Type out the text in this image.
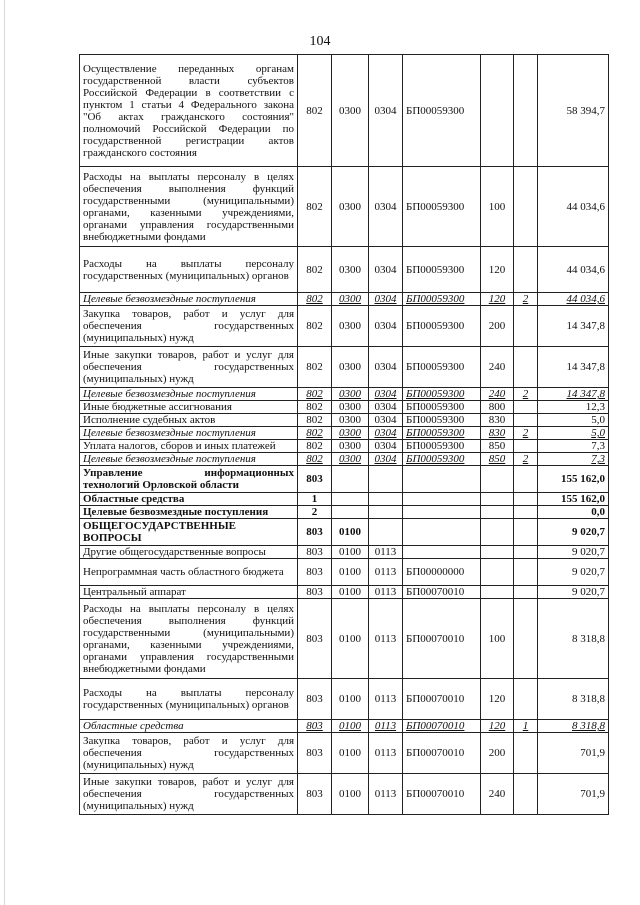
104
Осуществление переданных органам государственной власти субъектов Российской Федерации в соответствии с пунктом 1 статьи 4 Федерального закона "Об актах гражданского состояния" полномочий Российской Федерации по государственной регистрации актов гражданского состояния	802	0300	0304	БП00059300			58 394,7
Расходы на выплаты персоналу в целях обеспечения выполнения функций государственными (муниципальными) органами, казенными учреждениями, органами управления государственными внебюджетными фондами	802	0300	0304	БП00059300	100		44 034,6
Расходы на выплаты персоналу государственных (муниципальных) органов	802	0300	0304	БП00059300	120		44 034,6
Целевые безвозмездные поступления	802	0300	0304	БП00059300	120	2	44 034,6
Закупка товаров, работ и услуг для обеспечения государственных (муниципальных) нужд	802	0300	0304	БП00059300	200		14 347,8
Иные закупки товаров, работ и услуг для обеспечения государственных (муниципальных) нужд	802	0300	0304	БП00059300	240		14 347,8
Целевые безвозмездные поступления	802	0300	0304	БП00059300	240	2	14 347,8
Иные бюджетные ассигнования	802	0300	0304	БП00059300	800		12,3
Исполнение судебных актов	802	0300	0304	БП00059300	830		5,0
Целевые безвозмездные поступления	802	0300	0304	БП00059300	830	2	5,0
Уплата налогов, сборов и иных платежей	802	0300	0304	БП00059300	850		7,3
Целевые безвозмездные поступления	802	0300	0304	БП00059300	850	2	7,3
Управление информационных технологий Орловской области	803						155 162,0
Областные средства	1						155 162,0
Целевые безвозмездные поступления	2						0,0
ОБЩЕГОСУДАРСТВЕННЫЕ ВОПРОСЫ	803	0100					9 020,7
Другие общегосударственные вопросы	803	0100	0113				9 020,7
Непрограммная часть областного бюджета	803	0100	0113	БП00000000			9 020,7
Центральный аппарат	803	0100	0113	БП00070010			9 020,7
Расходы на выплаты персоналу в целях обеспечения выполнения функций государственными (муниципальными) органами, казенными учреждениями, органами управления государственными внебюджетными фондами	803	0100	0113	БП00070010	100		8 318,8
Расходы на выплаты персоналу государственных (муниципальных) органов	803	0100	0113	БП00070010	120		8 318,8
Областные средства	803	0100	0113	БП00070010	120	1	8 318,8
Закупка товаров, работ и услуг для обеспечения государственных (муниципальных) нужд	803	0100	0113	БП00070010	200		701,9
Иные закупки товаров, работ и услуг для обеспечения государственных (муниципальных) нужд	803	0100	0113	БП00070010	240		701,9
